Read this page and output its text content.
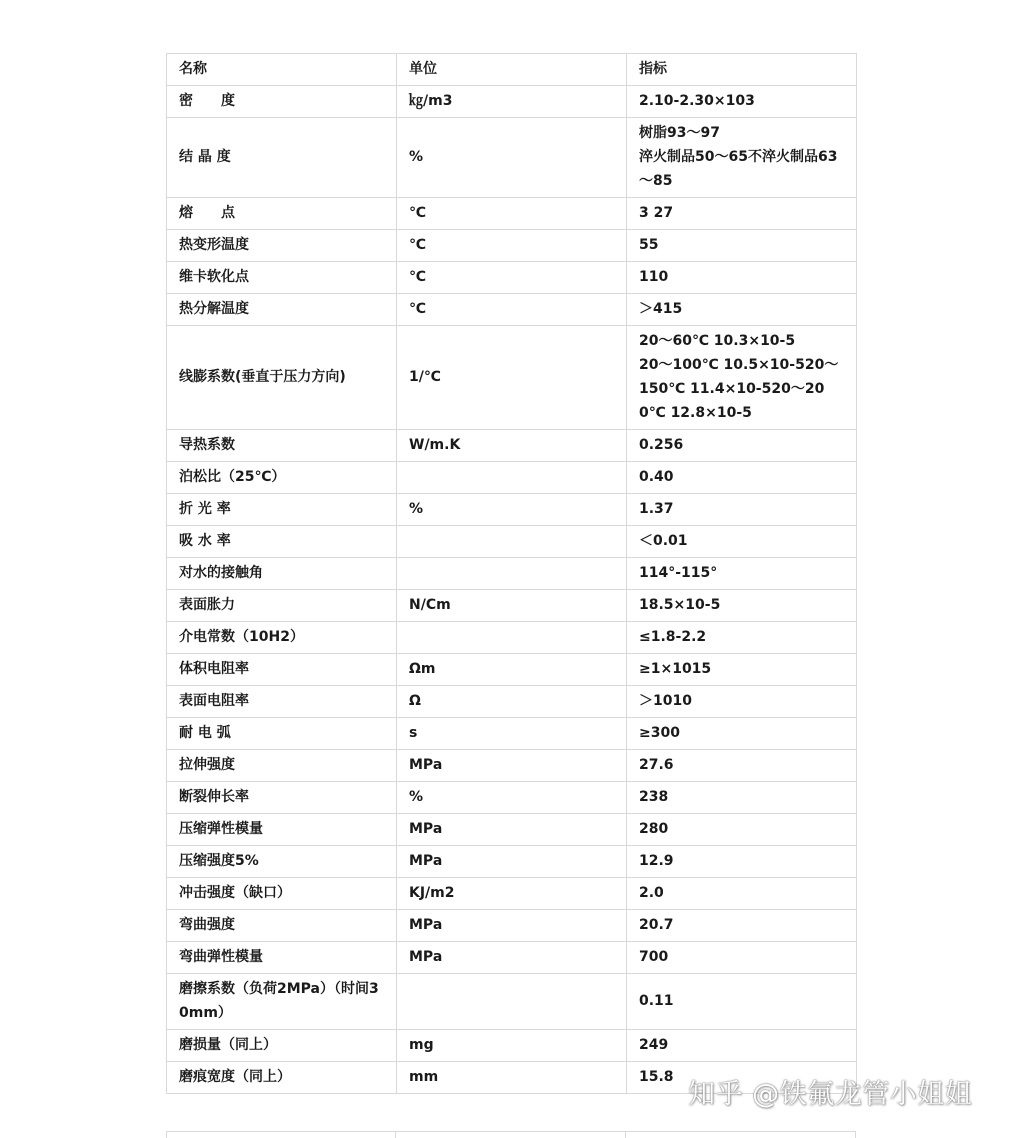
名称	单位	指标
密　　度	㎏/m3	2.10-2.30×103
结 晶 度	%	树脂93～97
淬火制品50～65不淬火制品63～85
熔　　点	℃	3 27
热变形温度	℃	55
维卡软化点	℃	110
热分解温度	℃	＞415
线膨系数(垂直于压力方向)	1/℃	20～60℃ 10.3×10-5
20～100℃ 10.5×10-520～150℃ 11.4×10-520～200℃ 12.8×10-5
导热系数	W/m.K	0.256
泊松比（25℃）		0.40
折 光 率	%	1.37
吸 水 率		＜0.01
对水的接触角		114°-115°
表面胀力	N/Cm	18.5×10-5
介电常数（10H2）		≤1.8-2.2
体积电阻率	Ωm	≥1×1015
表面电阻率	Ω	＞1010
耐 电 弧	s	≥300
拉伸强度	MPa	27.6
断裂伸长率	%	238
压缩弹性模量	MPa	280
压缩强度5%	MPa	12.9
冲击强度（缺口）	KJ/m2	2.0
弯曲强度	MPa	20.7
弯曲弹性模量	MPa	700
磨擦系数（负荷2MPa）（时间30mm）		0.11
磨损量（同上）	mg	249
磨痕宽度（同上）	mm	15.8
知乎 @铁氟龙管小姐姐
